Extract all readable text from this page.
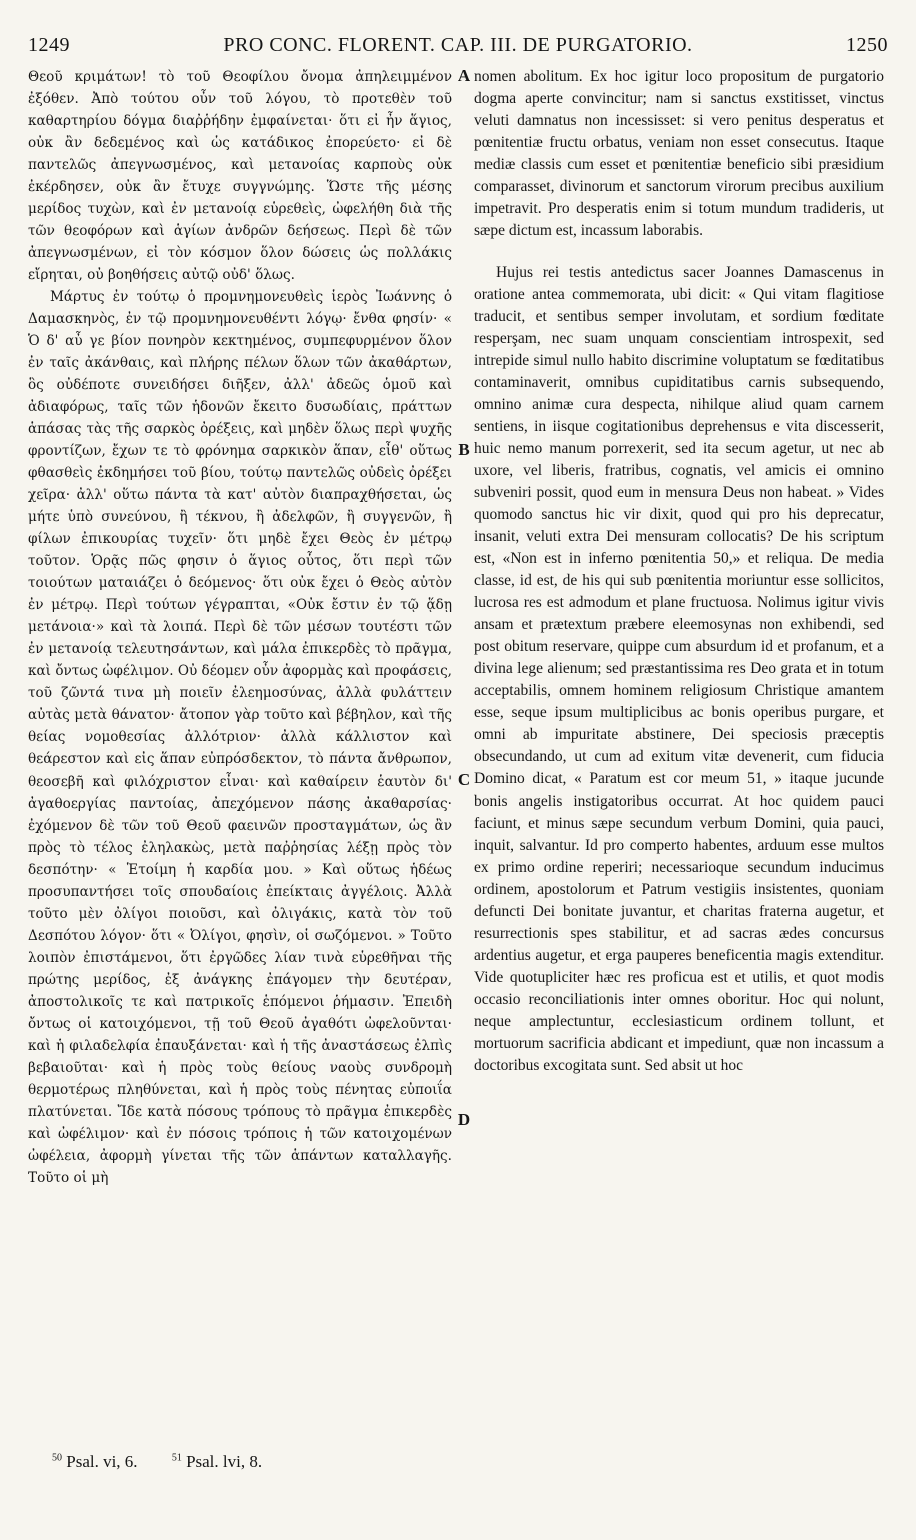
1249	PRO CONC. FLORENT. CAP. III. DE PURGATORIO.	1250

Θεοῦ κριμάτων! τὸ τοῦ Θεοφίλου ὄνομα ἀπηλειμμένον ἐξόθεν. Ἀπὸ τούτου οὖν τοῦ λόγου, τὸ προτεθὲν τοῦ καθαρτηρίου δόγμα διαῤῥήδην ἐμφαίνεται· ὅτι εἰ ἦν ἅγιος, οὐκ ἂν δεδεμένος καὶ ὡς κατάδικος ἐπορεύετο· εἰ δὲ παντελῶς ἀπεγνωσμένος, καὶ μετανοίας καρποὺς οὐκ ἐκέρδησεν, οὐκ ἂν ἔτυχε συγγνώμης. Ὥστε τῆς μέσης μερίδος τυχὼν, καὶ ἐν μετανοίᾳ εὑρεθεὶς, ὠφελήθη διὰ τῆς τῶν θεοφόρων καὶ ἁγίων ἀνδρῶν δεήσεως. Περὶ δὲ τῶν ἀπεγνωσμένων, εἰ τὸν κόσμον ὅλον δώσεις ὡς πολλάκις εἴρηται, οὐ βοηθήσεις αὐτῷ οὐδ' ὅλως.

Μάρτυς ἐν τούτῳ ὁ προμνημονευθεὶς ἱερὸς Ἰωάννης ὁ Δαμασκηνὸς, ἐν τῷ προμνημονευθέντι λόγῳ· ἔνθα φησίν· « Ὁ δ' αὖ γε βίον πονηρὸν κεκτημένος, συμπεφυρμένον ὅλον ἐν ταῖς ἀκάνθαις, καὶ πλήρης πέλων ὅλων τῶν ἀκαθάρτων, ὃς οὐδέποτε συνειδήσει διῆξεν, ἀλλ' ἀδεῶς ὁμοῦ καὶ ἀδιαφόρως, ταῖς τῶν ἡδονῶν ἔκειτο δυσωδίαις, πράττων ἁπάσας τὰς τῆς σαρκὸς ὀρέξεις, καὶ μηδὲν ὅλως περὶ ψυχῆς φροντίζων, ἔχων τε τὸ φρόνημα σαρκικὸν ἅπαν, εἶθ' οὕτως φθασθεὶς ἐκδημήσει τοῦ βίου, τούτῳ παντελῶς οὐδεὶς ὀρέξει χεῖρα· ἀλλ' οὕτω πάντα τὰ κατ' αὐτὸν διαπραχθήσεται, ὡς μήτε ὑπὸ συνεύνου, ἢ τέκνου, ἢ ἀδελφῶν, ἢ συγγενῶν, ἢ φίλων ἐπικουρίας τυχεῖν· ὅτι μηδὲ ἔχει Θεὸς ἐν μέτρῳ τοῦτον. Ὁρᾷς πῶς φησιν ὁ ἅγιος οὗτος, ὅτι περὶ τῶν τοιούτων ματαιάζει ὁ δεόμενος· ὅτι οὐκ ἔχει ὁ Θεὸς αὐτὸν ἐν μέτρῳ. Περὶ τούτων γέγραπται, «Οὐκ ἔστιν ἐν τῷ ᾅδῃ μετάνοια·» καὶ τὰ λοιπά. Περὶ δὲ τῶν μέσων τουτέστι τῶν ἐν μετανοίᾳ τελευτησάντων, καὶ μάλα ἐπικερδὲς τὸ πρᾶγμα, καὶ ὄντως ὠφέλιμον. Οὐ δέομεν οὖν ἀφορμὰς καὶ προφάσεις, τοῦ ζῶντά τινα μὴ ποιεῖν ἐλεημοσύνας, ἀλλὰ φυλάττειν αὐτὰς μετὰ θάνατον· ἄτοπον γὰρ τοῦτο καὶ βέβηλον, καὶ τῆς θείας νομοθεσίας ἀλλότριον· ἀλλὰ κάλλιστον καὶ θεάρεστον καὶ εἰς ἅπαν εὐπρόσδεκτον, τὸ πάντα ἄνθρωπον, θεοσεβῆ καὶ φιλόχριστον εἶναι· καὶ καθαίρειν ἑαυτὸν δι' ἀγαθοεργίας παντοίας, ἀπεχόμενον πάσης ἀκαθαρσίας· ἐχόμενον δὲ τῶν τοῦ Θεοῦ φαεινῶν προσταγμάτων, ὡς ἂν πρὸς τὸ τέλος ἐληλακὼς, μετὰ παῤῥησίας λέξῃ πρὸς τὸν δεσπότην· « Ἑτοίμη ἡ καρδία μου. » Καὶ οὕτως ἡδέως προσυπαντήσει τοῖς σπουδαίοις ἐπείκταις ἀγγέλοις. Ἀλλὰ τοῦτο μὲν ὀλίγοι ποιοῦσι, καὶ ὀλιγάκις, κατὰ τὸν τοῦ Δεσπότου λόγον· ὅτι « Ὀλίγοι, φησὶν, οἱ σωζόμενοι. » Τοῦτο λοιπὸν ἐπιστάμενοι, ὅτι ἐργῶδες λίαν τινὰ εὑρεθῆναι τῆς πρώτης μερίδος, ἐξ ἀνάγκης ἐπάγομεν τὴν δευτέραν, ἀποστολικοῖς τε καὶ πατρικοῖς ἑπόμενοι ῥήμασιν. Ἐπειδὴ ὄντως οἱ κατοιχόμενοι, τῇ τοῦ Θεοῦ ἀγαθότι ὠφελοῦνται· καὶ ἡ φιλαδελφία ἐπαυξάνεται· καὶ ἡ τῆς ἀναστάσεως ἐλπὶς βεβαιοῦται· καὶ ἡ πρὸς τοὺς θείους ναοὺς συνδρομὴ θερμοτέρως πληθύνεται, καὶ ἡ πρὸς τοὺς πένητας εὐποιΐα πλατύνεται. Ἴδε κατὰ πόσους τρόπους τὸ πρᾶγμα ἐπικερδὲς καὶ ὠφέλιμον· καὶ ἐν πόσοις τρόποις ἡ τῶν κατοιχομένων ὠφέλεια, ἀφορμὴ γίνεται τῆς τῶν ἁπάντων καταλλαγῆς. Τοῦτο οἱ μὴ

A
B
C
D

nomen abolitum. Ex hoc igitur loco propositum de purgatorio dogma aperte convincitur; nam si sanctus exstitisset, vinctus veluti damnatus non incessisset: si vero penitus desperatus et pœnitentiæ fructu orbatus, veniam non esset consecutus. Itaque mediæ classis cum esset et pœnitentiæ beneficio sibi præsidium comparasset, divinorum et sanctorum virorum precibus auxilium impetravit. Pro desperatis enim si totum mundum tradideris, ut sæpe dictum est, incassum laborabis.

Hujus rei testis antedictus sacer Joannes Damascenus in oratione antea commemorata, ubi dicit: « Qui vitam flagitiose traducit, et sentibus semper involutam, et sordium fœditate resperşam, nec suam unquam conscientiam introspexit, sed intrepide simul nullo habito discrimine voluptatum se fœditatibus contaminaverit, omnibus cupiditatibus carnis subsequendo, omnino animæ cura despecta, nihilque aliud quam carnem sentiens, in iisque cogitationibus deprehensus e vita discesserit, huic nemo manum porrexerit, sed ita secum agetur, ut nec ab uxore, vel liberis, fratribus, cognatis, vel amicis ei omnino subveniri possit, quod eum in mensura Deus non habeat. » Vides quomodo sanctus hic vir dixit, quod qui pro his deprecatur, insanit, veluti extra Dei mensuram collocatis? De his scriptum est, «Non est in inferno pœnitentia 50,» et reliqua. De media classe, id est, de his qui sub pœnitentia moriuntur esse sollicitos, lucrosa res est admodum et plane fructuosa. Nolimus igitur vivis ansam et prætextum præbere eleemosynas non exhibendi, sed post obitum reservare, quippe cum absurdum id et profanum, et a divina lege alienum; sed præstantissima res Deo grata et in totum acceptabilis, omnem hominem religiosum Christique amantem esse, seque ipsum multiplicibus ac bonis operibus purgare, et omni ab impuritate abstinere, Dei speciosis præceptis obsecundando, ut cum ad exitum vitæ devenerit, cum fiducia Domino dicat, « Paratum est cor meum 51, » itaque jucunde bonis angelis instigatoribus occurrat. At hoc quidem pauci faciunt, et minus sæpe secundum verbum Domini, quia pauci, inquit, salvantur. Id pro comperto habentes, arduum esse multos ex primo ordine reperiri; necessarioque secundum inducimus ordinem, apostolorum et Patrum vestigiis insistentes, quoniam defuncti Dei bonitate juvantur, et charitas fraterna augetur, et resurrectionis spes stabilitur, et ad sacras ædes concursus ardentius augetur, et erga pauperes beneficentia magis extenditur. Vide quotupliciter hæc res proficua est et utilis, et quot modis occasio reconciliationis inter omnes oboritur. Hoc qui nolunt, neque amplectuntur, ecclesiasticum ordinem tollunt, et mortuorum sacrificia abdicant et impediunt, quæ non incassum a doctoribus excogitata sunt. Sed absit ut hoc

$^{50}$ Psal. vi, 6.	$^{51}$ Psal. lvi, 8.
